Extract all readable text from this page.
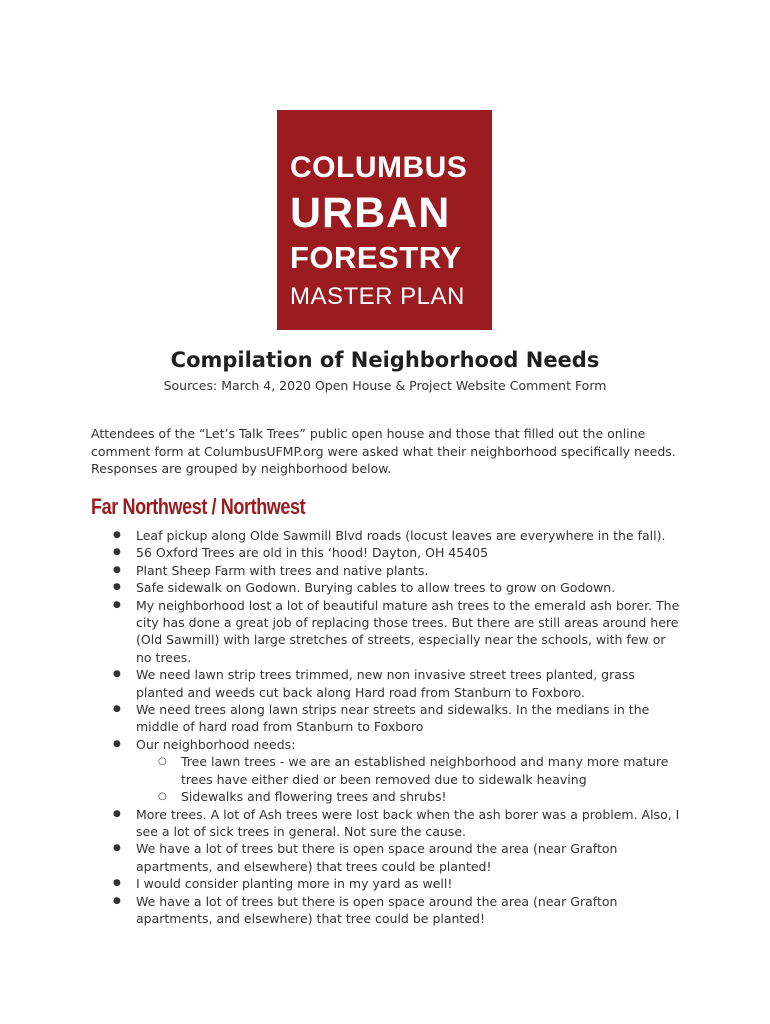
COLUMBUS
URBAN
FORESTRY
MASTER PLAN
Compilation of Neighborhood Needs

Sources: March 4, 2020 Open House & Project Website Comment Form

Attendees of the “Let’s Talk Trees” public open house and those that filled out the online comment form at ColumbusUFMP.org were asked what their neighborhood specifically needs. Responses are grouped by neighborhood below.

Far Northwest / Northwest
● Leaf pickup along Olde Sawmill Blvd roads (locust leaves are everywhere in the fall).
● 56 Oxford Trees are old in this ‘hood! Dayton, OH 45405
● Plant Sheep Farm with trees and native plants.
● Safe sidewalk on Godown. Burying cables to allow trees to grow on Godown.
● My neighborhood lost a lot of beautiful mature ash trees to the emerald ash borer. The city has done a great job of replacing those trees. But there are still areas around here (Old Sawmill) with large stretches of streets, especially near the schools, with few or no trees.
● We need lawn strip trees trimmed, new non invasive street trees planted, grass planted and weeds cut back along Hard road from Stanburn to Foxboro.
● We need trees along lawn strips near streets and sidewalks. In the medians in the middle of hard road from Stanburn to Foxboro
● Our neighborhood needs:
○ Tree lawn trees - we are an established neighborhood and many more mature trees have either died or been removed due to sidewalk heaving
○ Sidewalks and flowering trees and shrubs!
● More trees. A lot of Ash trees were lost back when the ash borer was a problem. Also, I see a lot of sick trees in general. Not sure the cause.
● We have a lot of trees but there is open space around the area (near Grafton apartments, and elsewhere) that trees could be planted!
● I would consider planting more in my yard as well!
● We have a lot of trees but there is open space around the area (near Grafton apartments, and elsewhere) that tree could be planted!
